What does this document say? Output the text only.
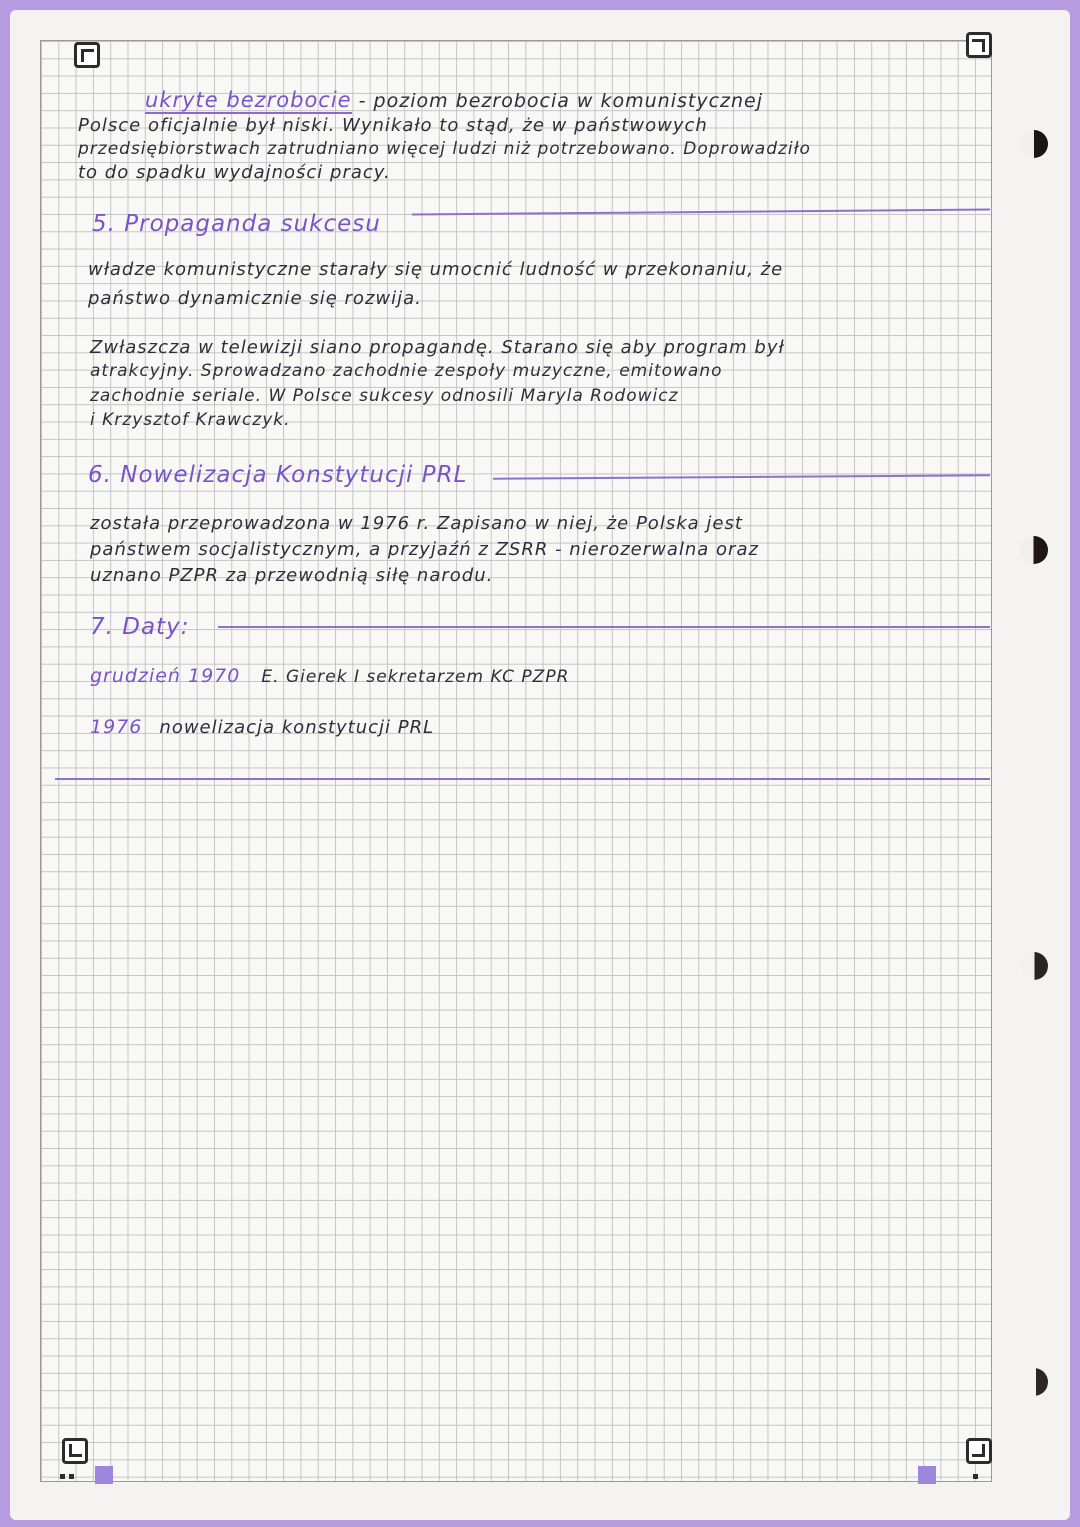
ukryte bezrobocie - poziom bezrobocia w komunistycznej
Polsce oficjalnie był niski. Wynikało to stąd, że w państwowych
przedsiębiorstwach zatrudniano więcej ludzi niż potrzebowano. Doprowadziło
to do spadku wydajności pracy.
5. Propaganda sukcesu
władze komunistyczne starały się umocnić ludność w przekonaniu, że
państwo dynamicznie się rozwija.
Zwłaszcza w telewizji siano propagandę. Starano się aby program był
atrakcyjny. Sprowadzano zachodnie zespoły muzyczne, emitowano
zachodnie seriale. W Polsce sukcesy odnosili Maryla Rodowicz
i Krzysztof Krawczyk.
6. Nowelizacja Konstytucji PRL
została przeprowadzona w 1976 r. Zapisano w niej, że Polska jest
państwem socjalistycznym, a przyjaźń z ZSRR - nierozerwalna oraz
uznano PZPR za przewodnią siłę narodu.
7. Daty:
grudzień 1970 E. Gierek I sekretarzem KC PZPR
1976 nowelizacja konstytucji PRL
